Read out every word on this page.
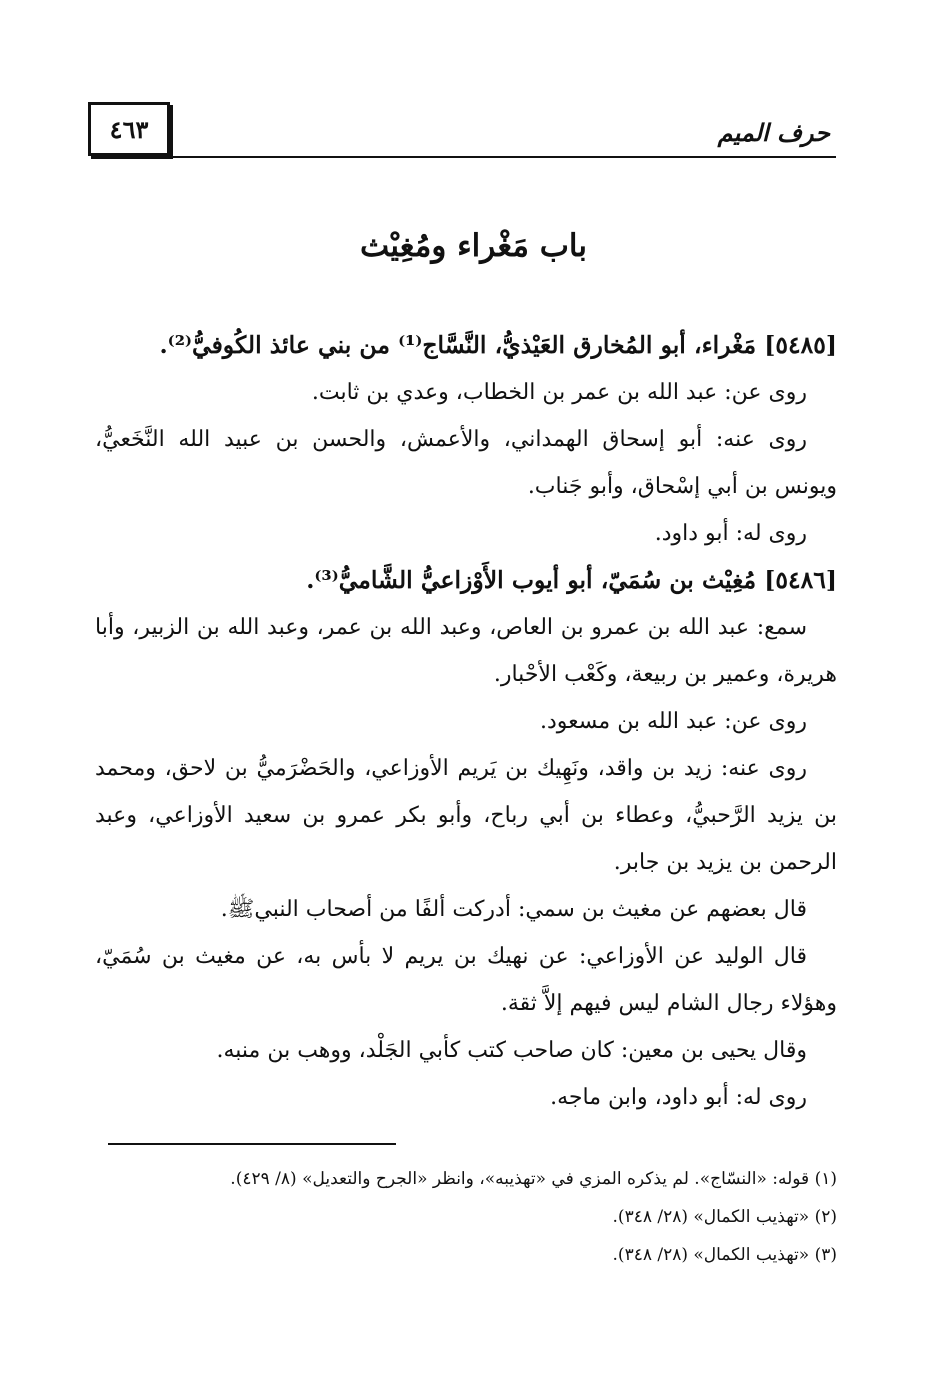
٤٦٣	حرف الميم
باب مَغْراء ومُغِيْث

[٥٤٨٥] مَغْراء، أبو المُخارق العَيْذيُّ، النَّسَّاج⁽¹⁾ من بني عائذ الكُوفيُّ⁽²⁾.

روى عن: عبد الله بن عمر بن الخطاب، وعدي بن ثابت.

روى عنه: أبو إسحاق الهمداني، والأعمش، والحسن بن عبيد الله النَّخَعيُّ، ويونس بن أبي إسْحاق، وأبو جَناب.

روى له: أبو داود.

[٥٤٨٦] مُغِيْث بن سُمَيّ، أبو أيوب الأَوْزاعيُّ الشَّاميُّ⁽³⁾.

سمع: عبد الله بن عمرو بن العاص، وعبد الله بن عمر، وعبد الله بن الزبير، وأبا هريرة، وعمير بن ربيعة، وكَعْب الأحْبار.

روى عن: عبد الله بن مسعود.

روى عنه: زيد بن واقد، ونَهِيك بن يَريم الأوزاعي، والحَضْرَميُّ بن لاحق، ومحمد بن يزيد الرَّحبيُّ، وعطاء بن أبي رباح، وأبو بكر عمرو بن سعيد الأوزاعي، وعبد الرحمن بن يزيد بن جابر.

قال بعضهم عن مغيث بن سمي: أدركت ألفًا من أصحاب النبيﷺ.

قال الوليد عن الأوزاعي: عن نهيك بن يريم لا بأس به، عن مغيث بن سُمَيّ، وهؤلاء رجال الشام ليس فيهم إلاَّ ثقة.

وقال يحيى بن معين: كان صاحب كتب كأبي الجَلْد، ووهب بن منبه.

روى له: أبو داود، وابن ماجه.

(١) قوله: «النسّاج». لم يذكره المزي في «تهذيبه»، وانظر «الجرح والتعديل» (٨/ ٤٢٩).

(٢) «تهذيب الكمال» (٢٨/ ٣٤٨).

(٣) «تهذيب الكمال» (٢٨/ ٣٤٨).
